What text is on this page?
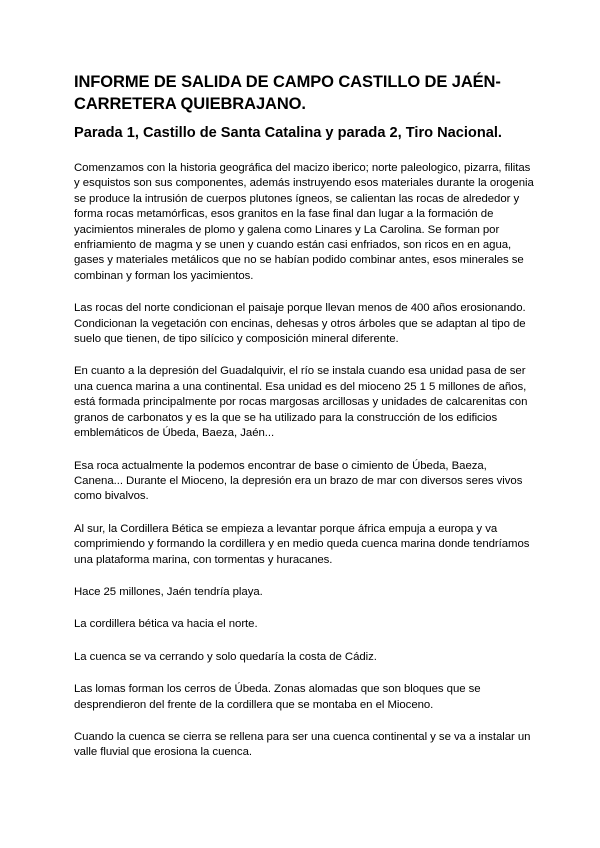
INFORME DE SALIDA DE CAMPO CASTILLO DE JAÉN-CARRETERA QUIEBRAJANO.
Parada 1, Castillo de Santa Catalina y parada 2, Tiro Nacional.

Comenzamos con la historia geográfica del macizo iberico; norte paleologico, pizarra, filitas y esquistos son sus componentes, además instruyendo esos materiales durante la orogenia se produce la intrusión de cuerpos plutones ígneos, se calientan las rocas de alrededor y forma rocas metamórficas, esos granitos en la fase final dan lugar a la formación de yacimientos minerales de plomo y galena como Linares y La Carolina. Se forman por enfriamiento de magma y se unen y cuando están casi enfriados, son ricos en en agua, gases y materiales metálicos que no se habían podido combinar antes, esos minerales se combinan y forman los yacimientos.

Las rocas del norte condicionan el paisaje porque llevan menos de 400 años erosionando. Condicionan la vegetación con encinas, dehesas y otros árboles que se adaptan al tipo de suelo que tienen, de tipo silícico y composición mineral diferente.

En cuanto a la depresión del Guadalquivir, el río se instala cuando esa unidad pasa de ser una cuenca marina a una continental. Esa unidad es del mioceno 25 1 5 millones de años, está formada principalmente por rocas margosas arcillosas y unidades de calcarenitas con granos de carbonatos y es la que se ha utilizado para la construcción de los edificios emblemáticos de Úbeda, Baeza, Jaén...

Esa roca actualmente la podemos encontrar de base o cimiento de Úbeda, Baeza, Canena... Durante el Mioceno, la depresión era un brazo de mar con diversos seres vivos como bivalvos.

Al sur, la Cordillera Bética se empieza a levantar porque áfrica empuja a europa y va comprimiendo y formando la cordillera y en medio queda cuenca marina donde tendríamos una plataforma marina, con tormentas y huracanes.

Hace 25 millones, Jaén tendría playa.

La cordillera bética va hacia el norte.

La cuenca se va cerrando y solo quedaría la costa de Cádiz.

Las lomas forman los cerros de Úbeda. Zonas alomadas que son bloques que se desprendieron del frente de la cordillera que se montaba en el Mioceno.

Cuando la cuenca se cierra se rellena para ser una cuenca continental y se va a instalar un valle fluvial que erosiona la cuenca.
